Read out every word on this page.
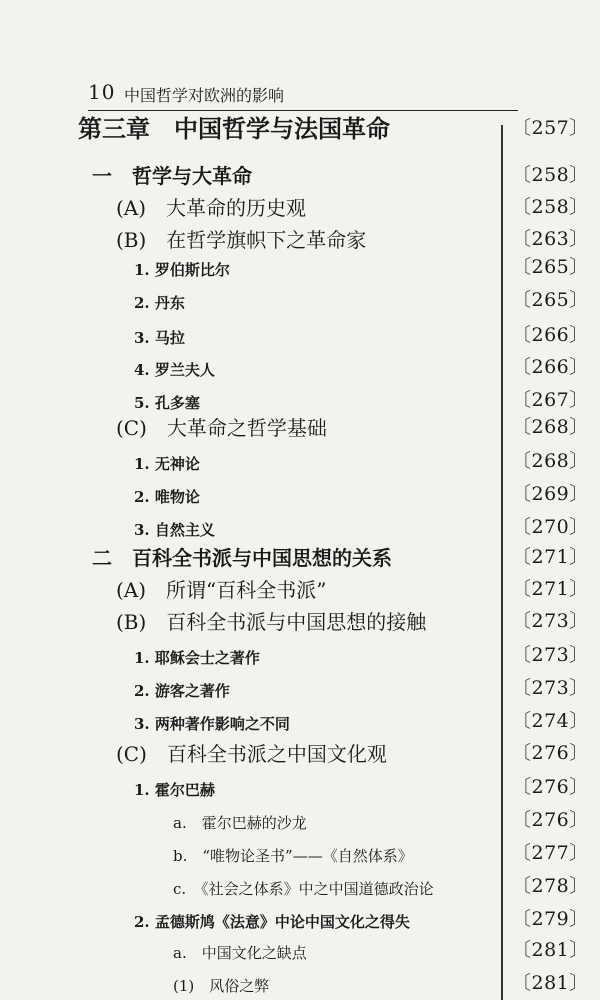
10 中国哲学对欧洲的影响
第三章　中国哲学与法国革命	〔257〕
一　哲学与大革命	〔258〕
(A)　大革命的历史观	〔258〕
(B)　在哲学旗帜下之革命家	〔263〕
1. 罗伯斯比尔	〔265〕
2. 丹东	〔265〕
3. 马拉	〔266〕
4. 罗兰夫人	〔266〕
5. 孔多塞	〔267〕
(C)　大革命之哲学基础	〔268〕
1. 无神论	〔268〕
2. 唯物论	〔269〕
3. 自然主义	〔270〕
二　百科全书派与中国思想的关系	〔271〕
(A)　所谓“百科全书派”	〔271〕
(B)　百科全书派与中国思想的接触	〔273〕
1. 耶稣会士之著作	〔273〕
2. 游客之著作	〔273〕
3. 两种著作影响之不同	〔274〕
(C)　百科全书派之中国文化观	〔276〕
1. 霍尔巴赫	〔276〕
a.　霍尔巴赫的沙龙	〔276〕
b.　“唯物论圣书”——《自然体系》	〔277〕
c.　《社会之体系》中之中国道德政治论	〔278〕
2. 孟德斯鸠《法意》中论中国文化之得失	〔279〕
a.　中国文化之缺点	〔281〕
(1)　风俗之弊	〔281〕
